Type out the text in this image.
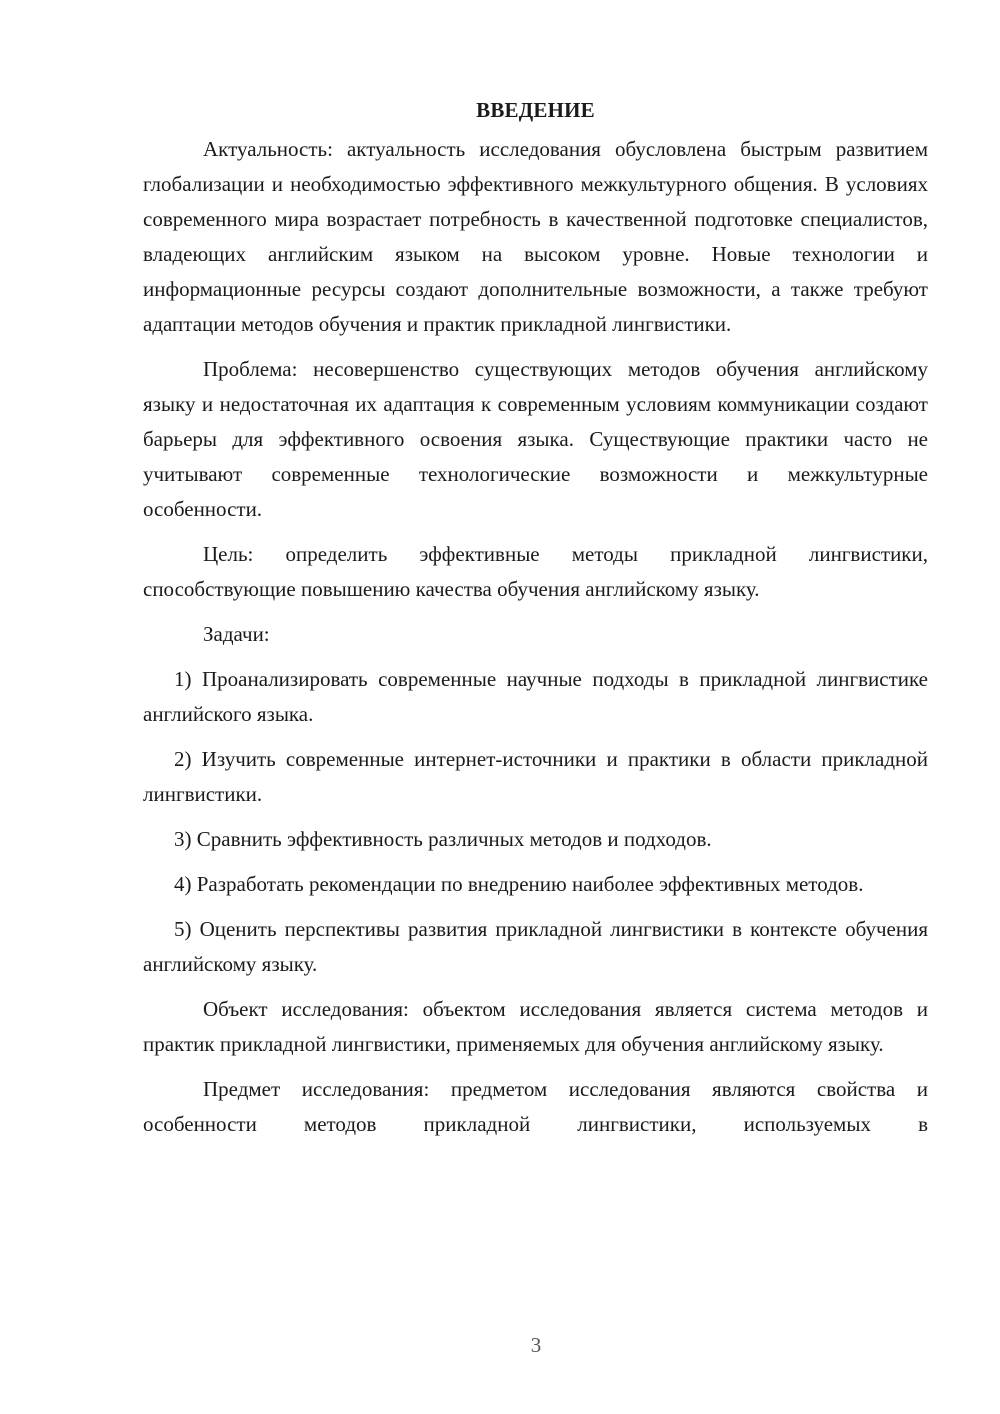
ВВЕДЕНИЕ

Актуальность: актуальность исследования обусловлена быстрым развитием глобализации и необходимостью эффективного межкультурного общения. В условиях современного мира возрастает потребность в качественной подготовке специалистов, владеющих английским языком на высоком уровне. Новые технологии и информационные ресурсы создают дополнительные возможности, а также требуют адаптации методов обучения и практик прикладной лингвистики.

Проблема: несовершенство существующих методов обучения английскому языку и недостаточная их адаптация к современным условиям коммуникации создают барьеры для эффективного освоения языка. Существующие практики часто не учитывают современные технологические возможности и межкультурные особенности.

Цель: определить эффективные методы прикладной лингвистики, способствующие повышению качества обучения английскому языку.

Задачи:

1) Проанализировать современные научные подходы в прикладной лингвистике английского языка.

2) Изучить современные интернет-источники и практики в области прикладной лингвистики.

3) Сравнить эффективность различных методов и подходов.

4) Разработать рекомендации по внедрению наиболее эффективных методов.

5) Оценить перспективы развития прикладной лингвистики в контексте обучения английскому языку.

Объект исследования: объектом исследования является система методов и практик прикладной лингвистики, применяемых для обучения английскому языку.

Предмет исследования: предметом исследования являются свойства и особенности методов прикладной лингвистики, используемых в

3
